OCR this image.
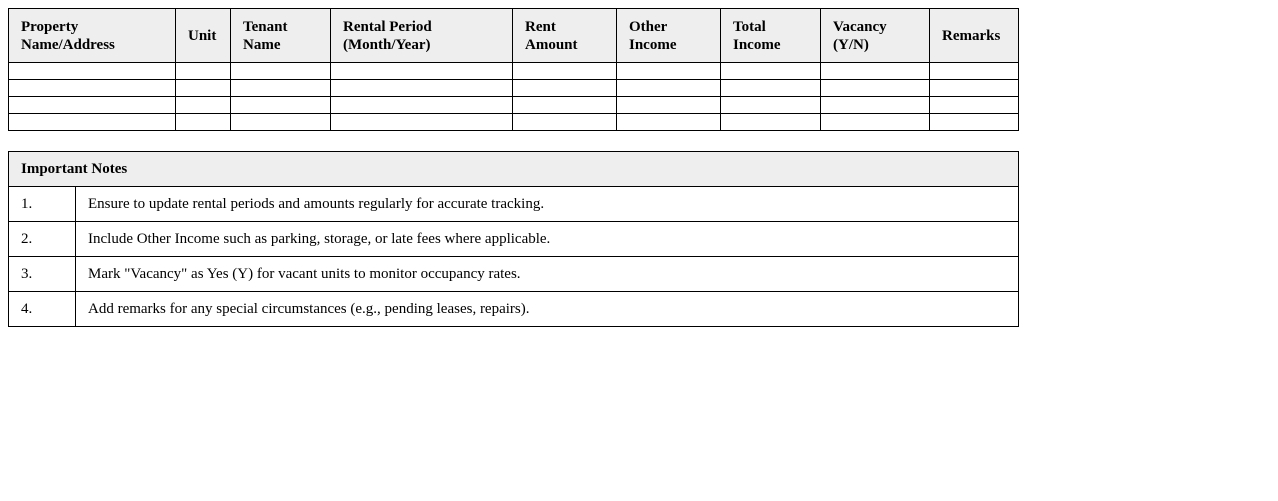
Property Name/Address	Unit	Tenant Name	Rental Period (Month/Year)	Rent Amount	Other Income	Total Income	Vacancy (Y/N)	Remarks

Important Notes	
1.	Ensure to update rental periods and amounts regularly for accurate tracking.
2.	Include Other Income such as parking, storage, or late fees where applicable.
3.	Mark "Vacancy" as Yes (Y) for vacant units to monitor occupancy rates.
4.	Add remarks for any special circumstances (e.g., pending leases, repairs).
